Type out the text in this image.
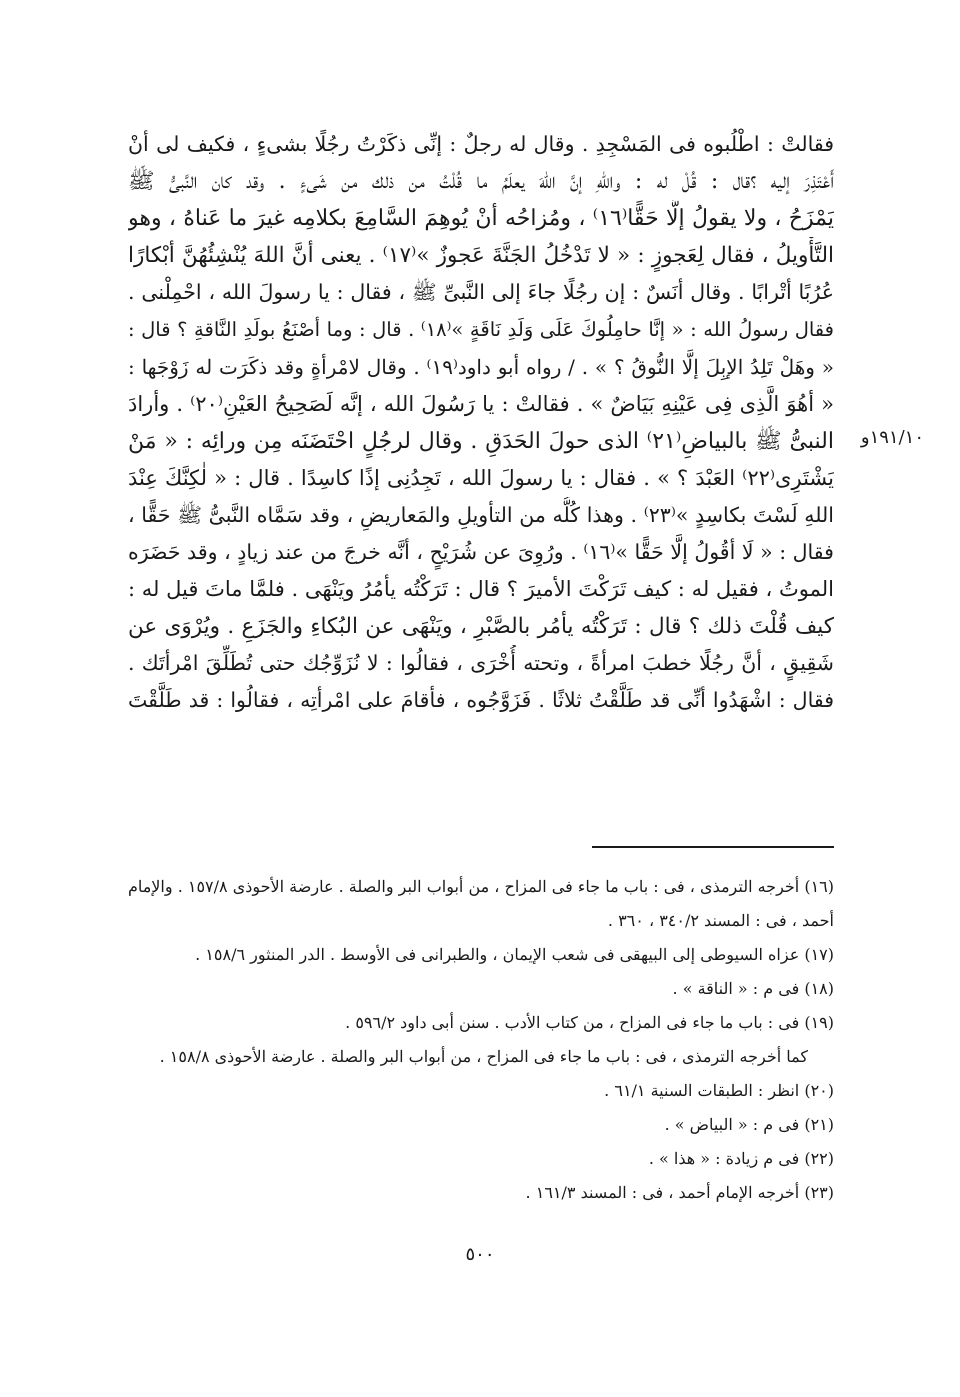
١٩١/١٠و
فقالتْ : اطْلُبوه فى المَسْجِدِ . وقال له رجلٌ : إنِّى ذكَرْتُ رجُلًا بشىءٍ ، فكيف لى أنْ
أَعْتَذِرَ إليه ؟قال : قُلْ له : واللهِ إنَّ اللهَ يعلَمُ ما قُلْتُ من ذلك من شَىءٍ . وقد كان النَّبىُّ ﷺ
يَمْزَحُ ، ولا يقولُ إلَّا حَقًّا⁽١٦⁾ ، ومُزاحُه أنْ يُوهِمَ السَّامِعَ بكلامِه غيرَ ما عَناهُ ، وهو
التَّأْويلُ ، فقال لِعَجوزٍ : « لا تَدْخُلُ الجَنَّةَ عَجوزٌ »⁽١٧⁾ . يعنى أنَّ اللهَ يُنْشِئُهُنَّ أبْكارًا
عُرُبًا أتْرابًا . وقال أنَسٌ : إن رجُلًا جاءَ إلى النَّبىِّ ﷺ ، فقال : يا رسولَ الله ، احْمِلْنى .
فقال رسولُ الله : « إنَّا حامِلُوكَ عَلَى وَلَدِ نَاقَةٍ »⁽١٨⁾ . قال : وما أصْنَعُ بولَدِ النَّاقةِ ؟ قال :
« وهَلْ تَلِدُ الإبِلَ إلَّا النُّوقُ ؟ » . / رواه أبو داود⁽١٩⁾ . وقال لامْرأةٍ وقد ذكَرَت له زَوْجَها :
« أهُوَ الَّذِى فِى عَيْنِهِ بَيَاضٌ » . فقالتْ : يا رَسُولَ الله ، إنَّه لَصَحِيحُ العَيْنِ⁽٢٠⁾ . وأرادَ
النبىُّ ﷺ بالبياضِ⁽٢١⁾ الذى حولَ الحَدَقِ . وقال لرجُلٍ احْتَضَنَه مِن ورائِه : « مَنْ
يَشْتَرِى⁽٢٢⁾ العَبْدَ ؟ » . فقال : يا رسولَ الله ، تَجِدُنِى إذًا كاسِدًا . قال : « لٰكِنَّكَ عِنْدَ
اللهِ لَسْتَ بكاسِدٍ »⁽٢٣⁾ . وهذا كُلُّه من التأويلِ والمَعاريضِ ، وقد سَمَّاه النَّبىُّ ﷺ حَقًّا ،
فقال : « لَا أقُولُ إلَّا حَقًّا »⁽١٦⁾ . ورُوِىَ عن شُرَيْحٍ ، أنَّه خرجَ من عند زيادٍ ، وقد حَضَرَه
الموتُ ، فقيل له : كيف تَرَكْتَ الأميرَ ؟ قال : تَرَكْتُه يأمُرُ ويَنْهَى . فلمَّا ماتَ قيل له :
كيف قُلْتَ ذلك ؟ قال : تَرَكْتُه يأمُر بالصَّبْرِ ، ويَنْهَى عن البُكاءِ والجَزَعِ . ويُرْوَى عن
شَقِيقٍ ، أنَّ رجُلًا خطبَ امرأةً ، وتحته أُخْرَى ، فقالُوا : لا نُزَوِّجُك حتى تُطَلِّقَ امْرأتَك .
فقال : اشْهَدُوا أنِّى قد طَلَّقْتُ ثلاثًا . فَزَوَّجُوه ، فأقامَ على امْرأتِه ، فقالُوا : قد طَلَّقْتَ
(١٦) أخرجه الترمذى ، فى : باب ما جاء فى المزاح ، من أبواب البر والصلة . عارضة الأحوذى ١٥٧/٨ . والإمام
أحمد ، فى : المسند ٣٤٠/٢ ، ٣٦٠ .
(١٧) عزاه السيوطى إلى البيهقى فى شعب الإيمان ، والطبرانى فى الأوسط . الدر المنثور ١٥٨/٦ .
(١٨) فى م : « الناقة » .
(١٩) فى : باب ما جاء فى المزاح ، من كتاب الأدب . سنن أبى داود ٥٩٦/٢ .
كما أخرجه الترمذى ، فى : باب ما جاء فى المزاح ، من أبواب البر والصلة . عارضة الأحوذى ١٥٨/٨ .
(٢٠) انظر : الطبقات السنية ٦١/١ .
(٢١) فى م : « البياض » .
(٢٢) فى م زيادة : « هذا » .
(٢٣) أخرجه الإمام أحمد ، فى : المسند ١٦١/٣ .
٥٠٠
